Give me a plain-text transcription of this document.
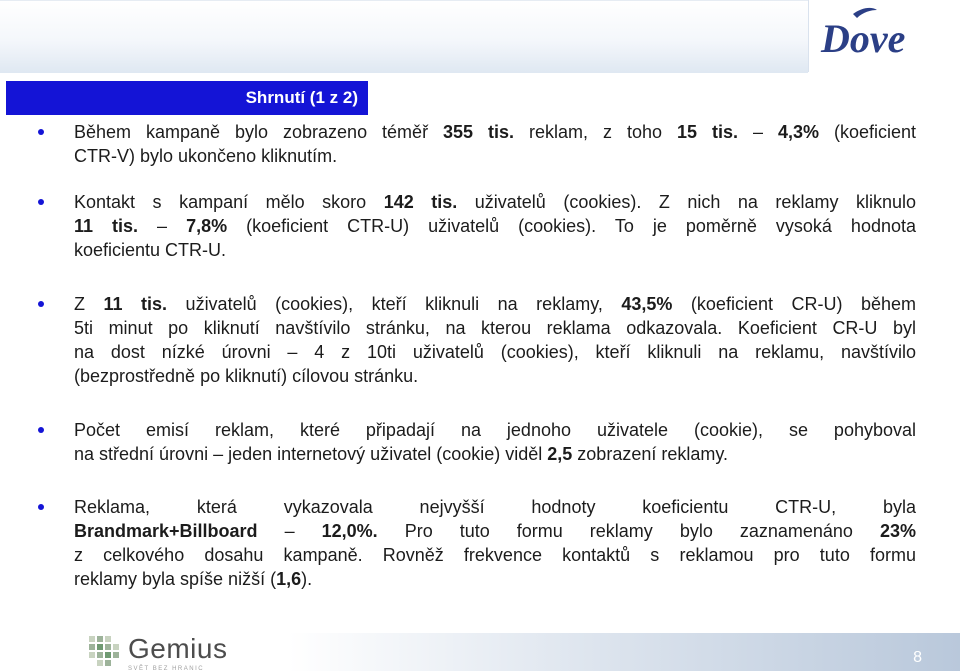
Dove
Shrnutí (1 z 2)
Během kampaně bylo zobrazeno téměř 355 tis. reklam, z toho 15 tis. – 4,3% (koeficient
CTR-V) bylo ukončeno kliknutím.
Kontakt s kampaní mělo skoro 142 tis. uživatelů (cookies). Z nich na reklamy kliknulo
11 tis. – 7,8% (koeficient CTR-U) uživatelů (cookies). To je poměrně vysoká hodnota
koeficientu CTR-U.
Z 11 tis. uživatelů (cookies), kteří kliknuli na reklamy, 43,5% (koeficient CR-U) během
5ti minut po kliknutí navštívilo stránku, na kterou reklama odkazovala. Koeficient CR-U byl
na dost nízké úrovni – 4 z 10ti uživatelů (cookies), kteří kliknuli na reklamu, navštívilo
(bezprostředně po kliknutí) cílovou stránku.
Počet emisí reklam, které připadají na jednoho uživatele (cookie), se pohyboval
na střední úrovni – jeden internetový uživatel (cookie) viděl 2,5 zobrazení reklamy.
Reklama, která vykazovala nejvyšší hodnoty koeficientu CTR-U, byla
Brandmark+Billboard – 12,0%. Pro tuto formu reklamy bylo zaznamenáno 23%
z celkového dosahu kampaně. Rovněž frekvence kontaktů s reklamou pro tuto formu
reklamy byla spíše nižší (1,6).
Gemius
SVĚT BEZ HRANIC
8
